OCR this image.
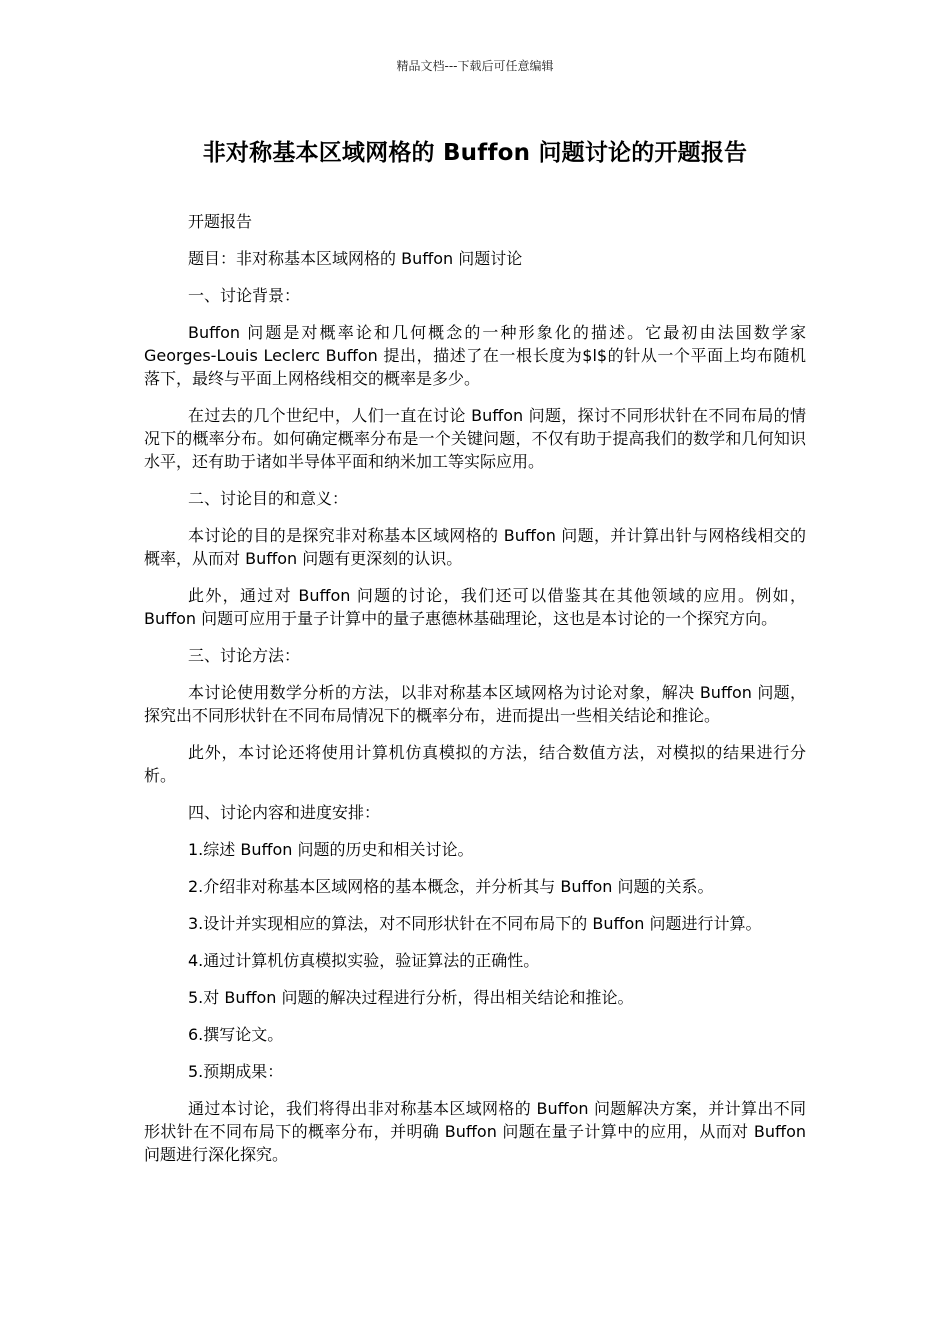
精品文档---下载后可任意编辑
非对称基本区域网格的 Buffon 问题讨论的开题报告

开题报告

题目：非对称基本区域网格的 Buffon 问题讨论

一、讨论背景：

Buffon 问题是对概率论和几何概念的一种形象化的描述。它最初由法国数学家 Georges-Louis Leclerc Buffon 提出，描述了在一根长度为$l$的针从一个平面上均布随机落下，最终与平面上网格线相交的概率是多少。

在过去的几个世纪中，人们一直在讨论 Buffon 问题，探讨不同形状针在不同布局的情况下的概率分布。如何确定概率分布是一个关键问题，不仅有助于提高我们的数学和几何知识水平，还有助于诸如半导体平面和纳米加工等实际应用。

二、讨论目的和意义：

本讨论的目的是探究非对称基本区域网格的 Buffon 问题，并计算出针与网格线相交的概率，从而对 Buffon 问题有更深刻的认识。

此外，通过对 Buffon 问题的讨论，我们还可以借鉴其在其他领域的应用。例如，Buffon 问题可应用于量子计算中的量子惠德林基础理论，这也是本讨论的一个探究方向。

三、讨论方法：

本讨论使用数学分析的方法，以非对称基本区域网格为讨论对象，解决 Buffon 问题，探究出不同形状针在不同布局情况下的概率分布，进而提出一些相关结论和推论。

此外，本讨论还将使用计算机仿真模拟的方法，结合数值方法，对模拟的结果进行分析。

四、讨论内容和进度安排：

1.综述 Buffon 问题的历史和相关讨论。

2.介绍非对称基本区域网格的基本概念，并分析其与 Buffon 问题的关系。

3.设计并实现相应的算法，对不同形状针在不同布局下的 Buffon 问题进行计算。

4.通过计算机仿真模拟实验，验证算法的正确性。

5.对 Buffon 问题的解决过程进行分析，得出相关结论和推论。

6.撰写论文。

5.预期成果：

通过本讨论，我们将得出非对称基本区域网格的 Buffon 问题解决方案，并计算出不同形状针在不同布局下的概率分布，并明确 Buffon 问题在量子计算中的应用，从而对 Buffon 问题进行深化探究。
